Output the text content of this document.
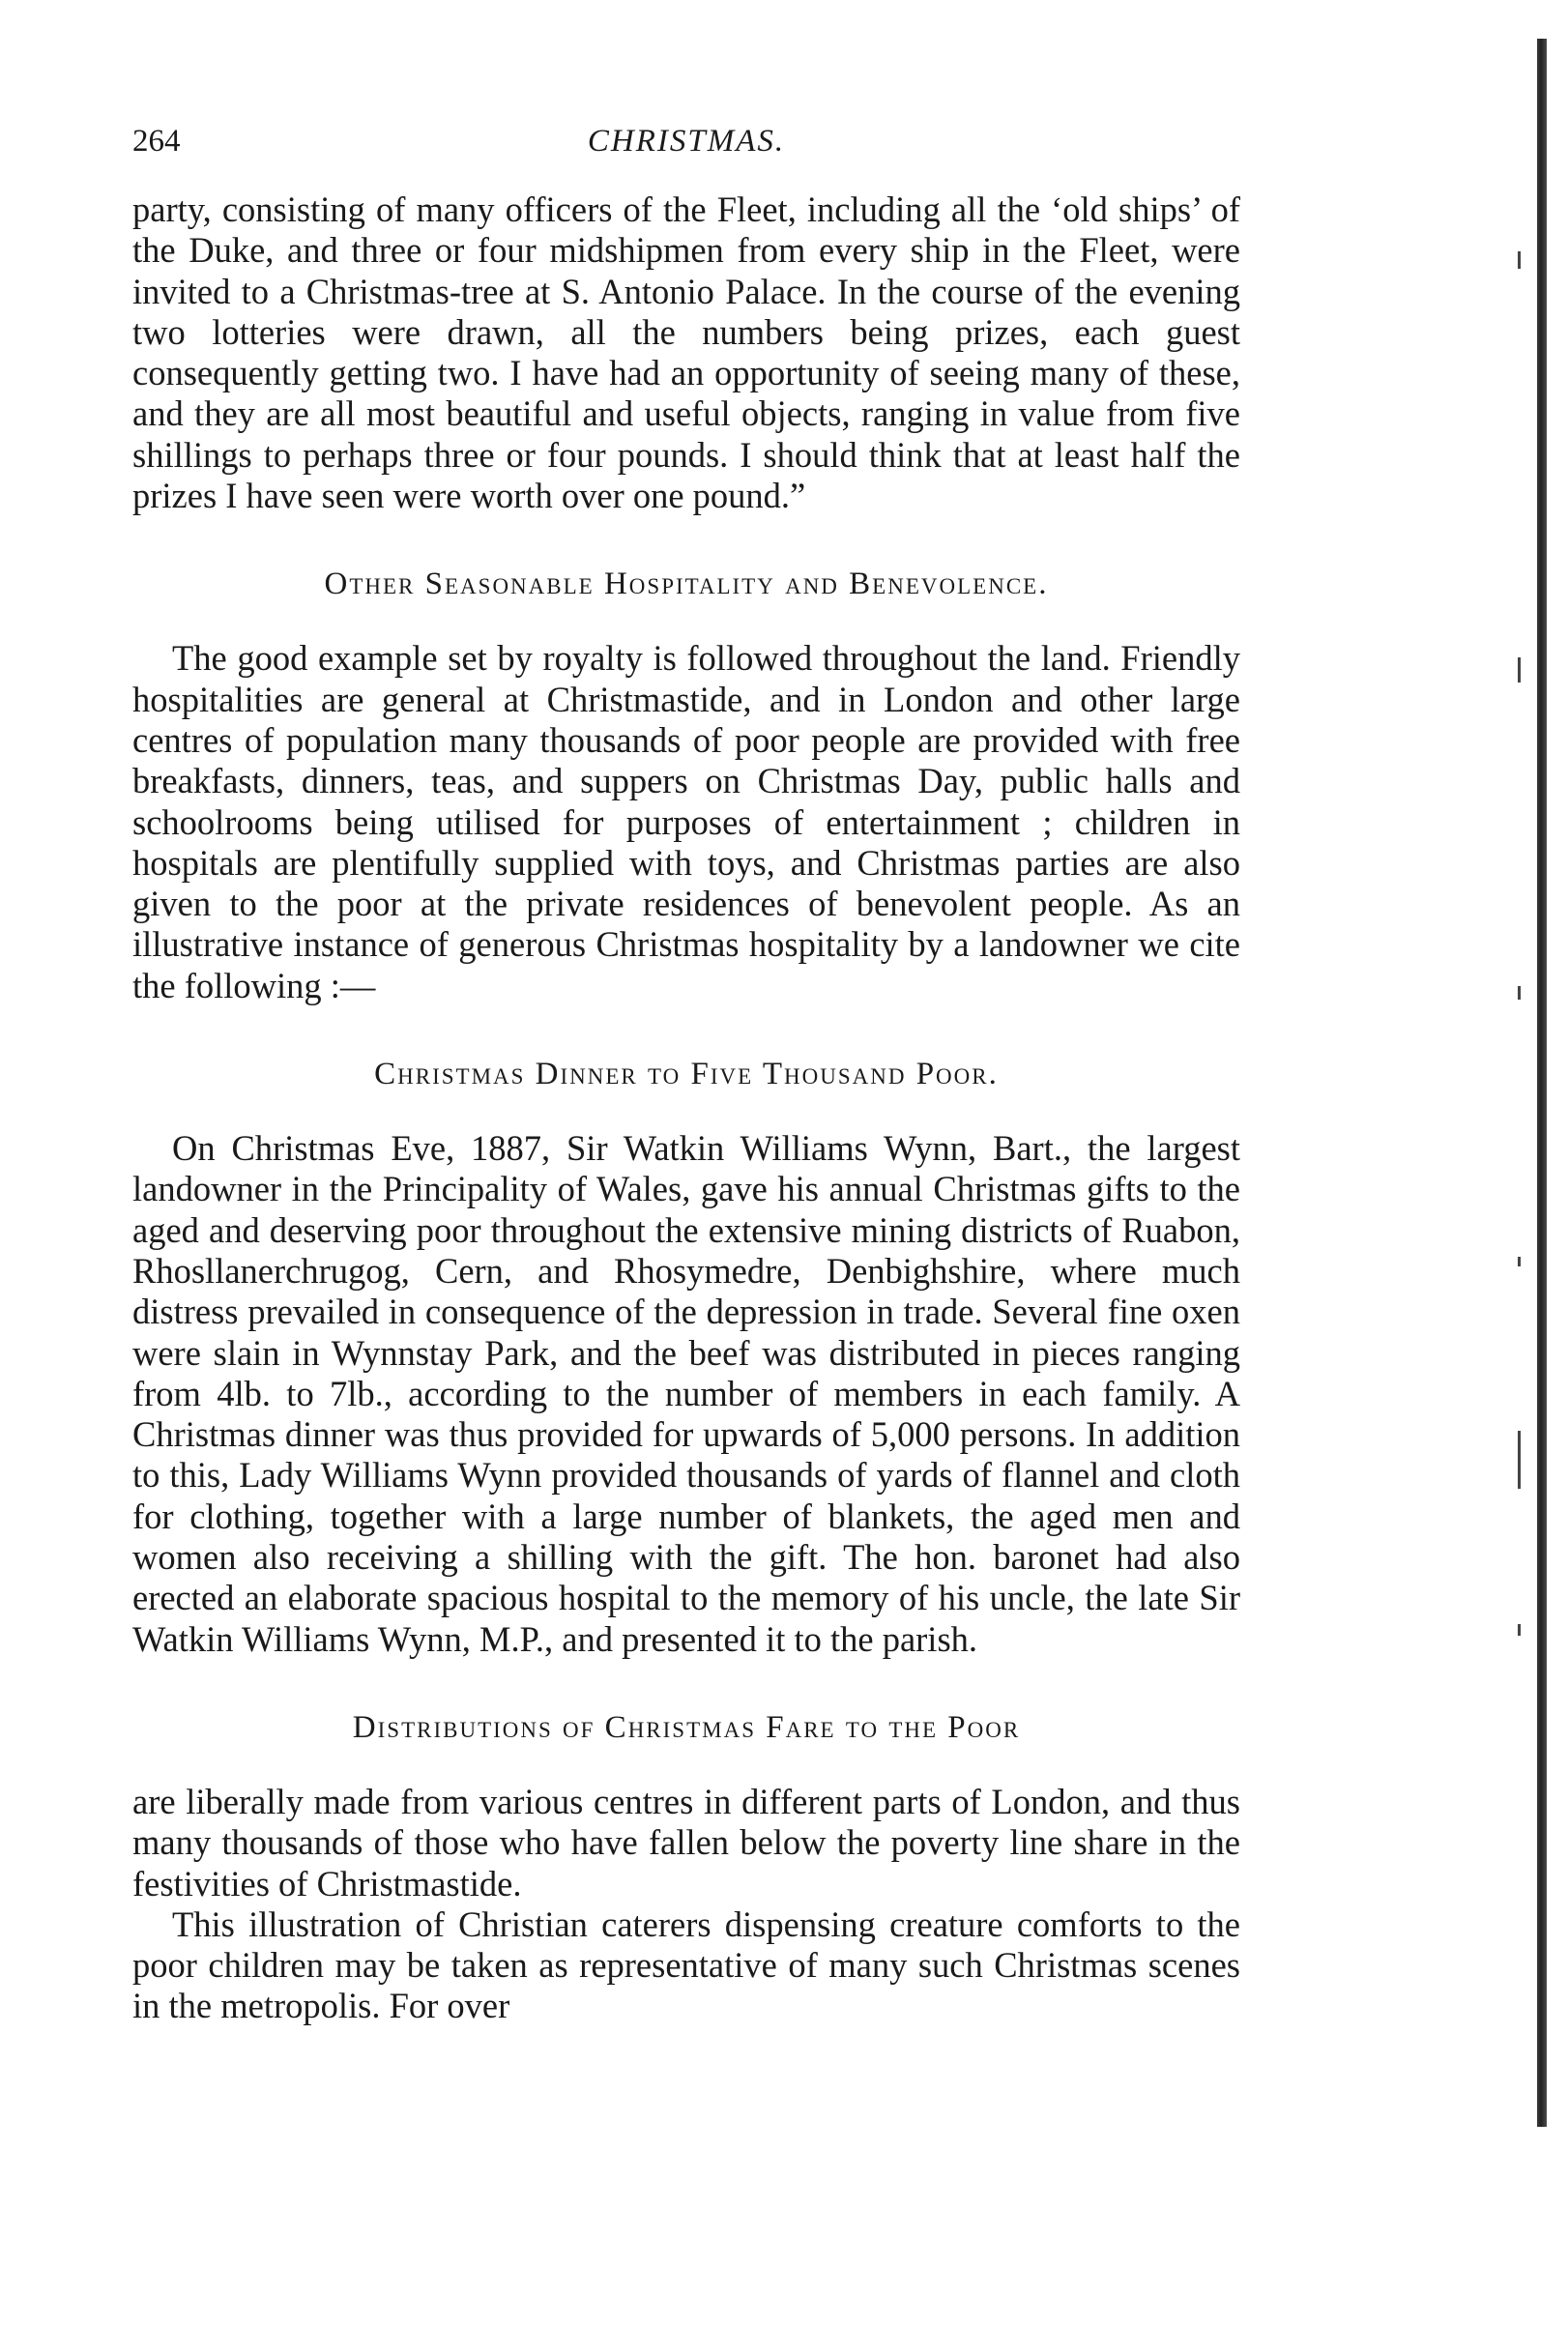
264	CHRISTMAS.

party, consisting of many officers of the Fleet, including all the ‘old ships’ of the Duke, and three or four midshipmen from every ship in the Fleet, were invited to a Christmas-tree at S. Antonio Palace. In the course of the evening two lotteries were drawn, all the numbers being prizes, each guest consequently getting two. I have had an opportunity of seeing many of these, and they are all most beautiful and useful objects, ranging in value from five shillings to perhaps three or four pounds. I should think that at least half the prizes I have seen were worth over one pound.”

Other Seasonable Hospitality and Benevolence.

The good example set by royalty is followed throughout the land. Friendly hospitalities are general at Christmastide, and in London and other large centres of population many thousands of poor people are provided with free breakfasts, dinners, teas, and suppers on Christmas Day, public halls and schoolrooms being utilised for purposes of entertainment ; children in hospitals are plentifully supplied with toys, and Christmas parties are also given to the poor at the private residences of benevolent people. As an illustrative instance of generous Christmas hospitality by a landowner we cite the following :—

Christmas Dinner to Five Thousand Poor.

On Christmas Eve, 1887, Sir Watkin Williams Wynn, Bart., the largest landowner in the Principality of Wales, gave his annual Christmas gifts to the aged and deserving poor throughout the extensive mining districts of Ruabon, Rhosllanerchrugog, Cern, and Rhosymedre, Denbighshire, where much distress prevailed in consequence of the depression in trade. Several fine oxen were slain in Wynnstay Park, and the beef was distributed in pieces ranging from 4lb. to 7lb., according to the number of members in each family. A Christmas dinner was thus provided for upwards of 5,000 persons. In addition to this, Lady Williams Wynn provided thousands of yards of flannel and cloth for clothing, together with a large number of blankets, the aged men and women also receiving a shilling with the gift. The hon. baronet had also erected an elaborate spacious hospital to the memory of his uncle, the late Sir Watkin Williams Wynn, M.P., and presented it to the parish.

Distributions of Christmas Fare to the Poor

are liberally made from various centres in different parts of London, and thus many thousands of those who have fallen below the poverty line share in the festivities of Christmastide.

This illustration of Christian caterers dispensing creature comforts to the poor children may be taken as representative of many such Christmas scenes in the metropolis. For over
